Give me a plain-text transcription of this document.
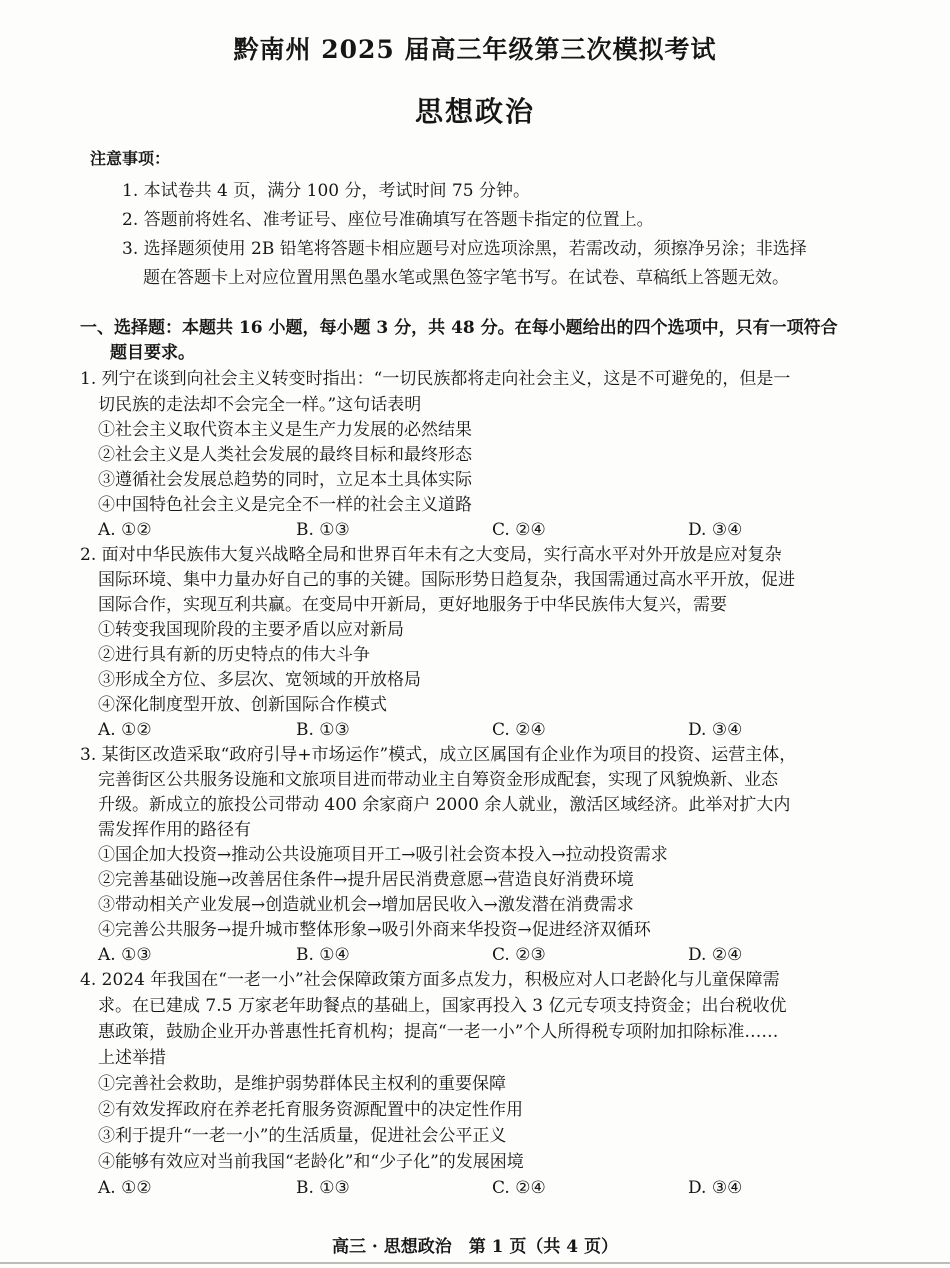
黔南州 2025 届高三年级第三次模拟考试
思想政治
注意事项：
1. 本试卷共 4 页，满分 100 分，考试时间 75 分钟。
2. 答题前将姓名、准考证号、座位号准确填写在答题卡指定的位置上。
3. 选择题须使用 2B 铅笔将答题卡相应题号对应选项涂黑，若需改动，须擦净另涂；非选择
题在答题卡上对应位置用黑色墨水笔或黑色签字笔书写。在试卷、草稿纸上答题无效。
一、选择题：本题共 16 小题，每小题 3 分，共 48 分。在每小题给出的四个选项中，只有一项符合
题目要求。
1. 列宁在谈到向社会主义转变时指出：“一切民族都将走向社会主义，这是不可避免的，但是一
切民族的走法却不会完全一样。”这句话表明
①社会主义取代资本主义是生产力发展的必然结果
②社会主义是人类社会发展的最终目标和最终形态
③遵循社会发展总趋势的同时，立足本土具体实际
④中国特色社会主义是完全不一样的社会主义道路
A. ①②	B. ①③	C. ②④	D. ③④
2. 面对中华民族伟大复兴战略全局和世界百年未有之大变局，实行高水平对外开放是应对复杂
国际环境、集中力量办好自己的事的关键。国际形势日趋复杂，我国需通过高水平开放，促进
国际合作，实现互利共赢。在变局中开新局，更好地服务于中华民族伟大复兴，需要
①转变我国现阶段的主要矛盾以应对新局
②进行具有新的历史特点的伟大斗争
③形成全方位、多层次、宽领域的开放格局
④深化制度型开放、创新国际合作模式
A. ①②	B. ①③	C. ②④	D. ③④
3. 某街区改造采取“政府引导+市场运作”模式，成立区属国有企业作为项目的投资、运营主体，
完善街区公共服务设施和文旅项目进而带动业主自筹资金形成配套，实现了风貌焕新、业态
升级。新成立的旅投公司带动 400 余家商户 2000 余人就业，激活区域经济。此举对扩大内
需发挥作用的路径有
①国企加大投资→推动公共设施项目开工→吸引社会资本投入→拉动投资需求
②完善基础设施→改善居住条件→提升居民消费意愿→营造良好消费环境
③带动相关产业发展→创造就业机会→增加居民收入→激发潜在消费需求
④完善公共服务→提升城市整体形象→吸引外商来华投资→促进经济双循环
A. ①③	B. ①④	C. ②③	D. ②④
4. 2024 年我国在“一老一小”社会保障政策方面多点发力，积极应对人口老龄化与儿童保障需
求。在已建成 7.5 万家老年助餐点的基础上，国家再投入 3 亿元专项支持资金；出台税收优
惠政策，鼓励企业开办普惠性托育机构；提高“一老一小”个人所得税专项附加扣除标准……
上述举措
①完善社会救助，是维护弱势群体民主权利的重要保障
②有效发挥政府在养老托育服务资源配置中的决定性作用
③利于提升“一老一小”的生活质量，促进社会公平正义
④能够有效应对当前我国“老龄化”和“少子化”的发展困境
A. ①②	B. ①③	C. ②④	D. ③④
高三 · 思想政治　第 1 页（共 4 页）
